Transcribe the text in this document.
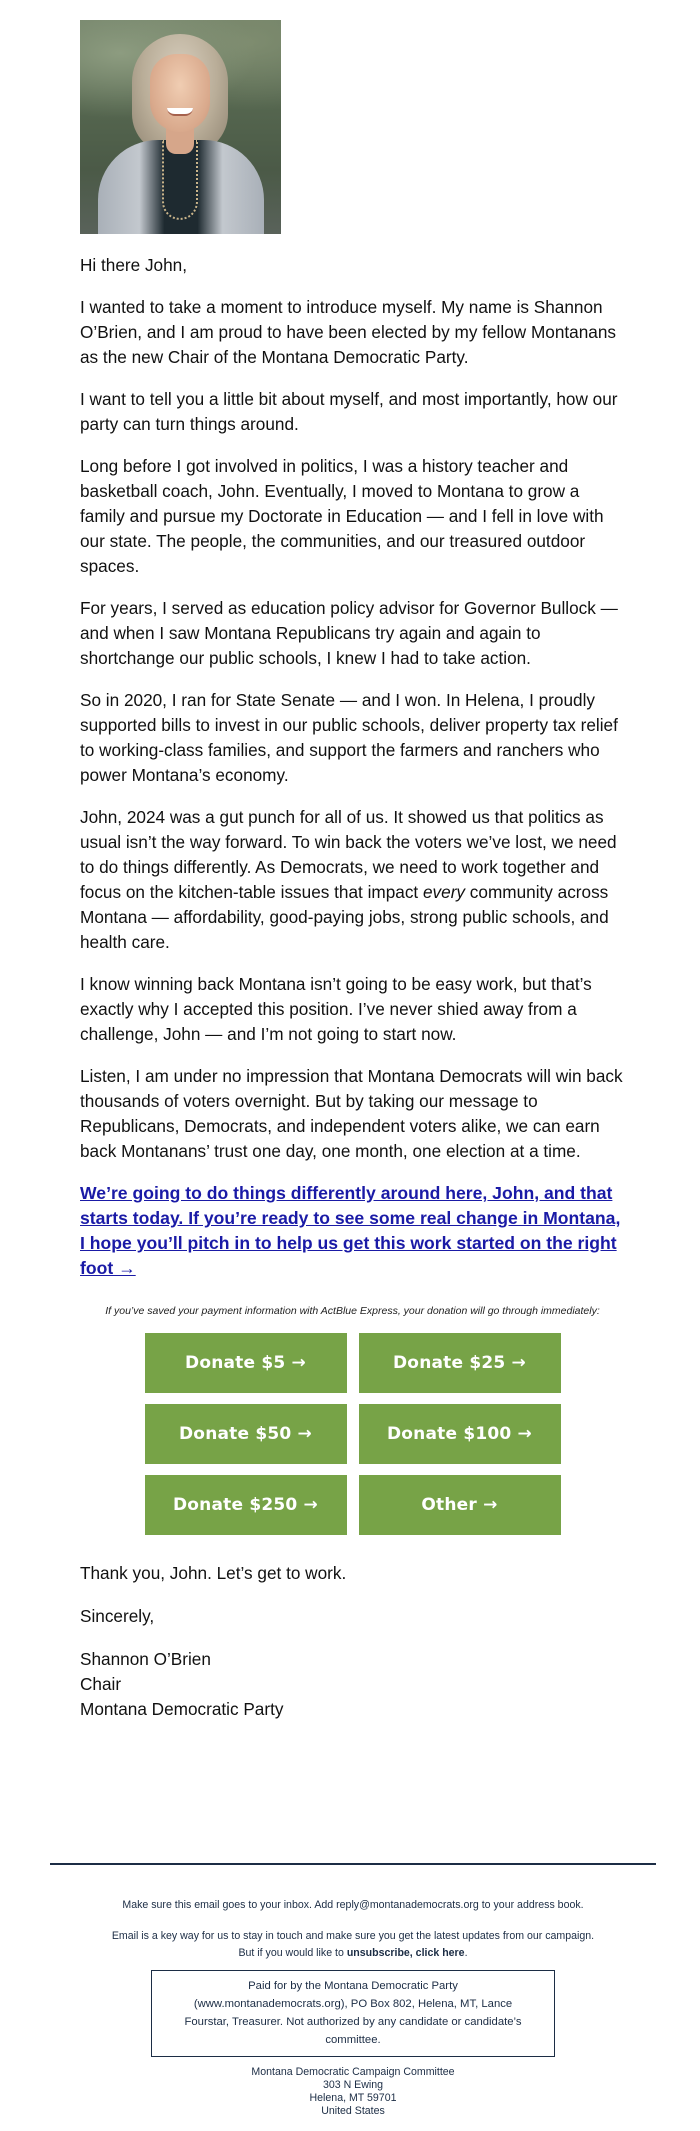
Hi there John,

I wanted to take a moment to introduce myself. My name is Shannon O’Brien, and I am proud to have been elected by my fellow Montanans as the new Chair of the Montana Democratic Party.

I want to tell you a little bit about myself, and most importantly, how our party can turn things around.

Long before I got involved in politics, I was a history teacher and basketball coach, John. Eventually, I moved to Montana to grow a family and pursue my Doctorate in Education — and I fell in love with our state. The people, the communities, and our treasured outdoor spaces.

For years, I served as education policy advisor for Governor Bullock — and when I saw Montana Republicans try again and again to shortchange our public schools, I knew I had to take action.

So in 2020, I ran for State Senate — and I won. In Helena, I proudly supported bills to invest in our public schools, deliver property tax relief to working-class families, and support the farmers and ranchers who power Montana’s economy.

John, 2024 was a gut punch for all of us. It showed us that politics as usual isn’t the way forward. To win back the voters we’ve lost, we need to do things differently. As Democrats, we need to work together and focus on the kitchen-table issues that impact every community across Montana — affordability, good-paying jobs, strong public schools, and health care.

I know winning back Montana isn’t going to be easy work, but that’s exactly why I accepted this position. I’ve never shied away from a challenge, John — and I’m not going to start now.

Listen, I am under no impression that Montana Democrats will win back thousands of voters overnight. But by taking our message to Republicans, Democrats, and independent voters alike, we can earn back Montanans’ trust one day, one month, one election at a time.

We’re going to do things differently around here, John, and that starts today. If you’re ready to see some real change in Montana, I hope you’ll pitch in to help us get this work started on the right foot →
If you’ve saved your payment information with ActBlue Express, your donation will go through immediately:
Donate $5 →	Donate $25 →
Donate $50 →	Donate $100 →
Donate $250 →	Other →

Thank you, John. Let’s get to work.

Sincerely,

Shannon O’Brien
Chair
Montana Democratic Party
Make sure this email goes to your inbox. Add reply@montanademocrats.org to your address book.
Email is a key way for us to stay in touch and make sure you get the latest updates from our campaign.
But if you would like to unsubscribe, click here.
Paid for by the Montana Democratic Party (www.montanademocrats.org), PO Box 802, Helena, MT, Lance Fourstar, Treasurer. Not authorized by any candidate or candidate’s committee.
Montana Democratic Campaign Committee
303 N Ewing
Helena, MT 59701
United States
